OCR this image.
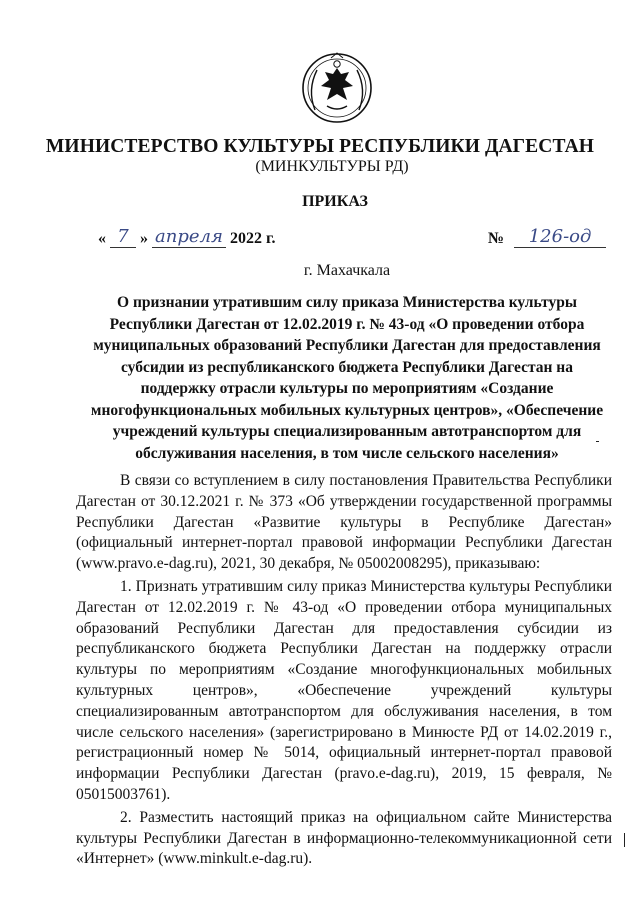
МИНИСТЕРСТВО КУЛЬТУРЫ РЕСПУБЛИКИ ДАГЕСТАН
(МИНКУЛЬТУРЫ РД)
ПРИКАЗ
« 7 » апреля 2022 г.	№ 126-од
г. Махачкала
О признании утратившим силу приказа Министерства культуры Республики Дагестан от 12.02.2019 г. № 43-од «О проведении отбора муниципальных образований Республики Дагестан для предоставления субсидии из республиканского бюджета Республики Дагестан на поддержку отрасли культуры по мероприятиям «Создание многофункциональных мобильных культурных центров», «Обеспечение учреждений культуры специализированным автотранспортом для обслуживания населения, в том числе сельского населения»

В связи со вступлением в силу постановления Правительства Республики Дагестан от 30.12.2021 г. № 373 «Об утверждении государственной программы Республики Дагестан «Развитие культуры в Республике Дагестан» (официальный интернет-портал правовой информации Республики Дагестан (www.pravo.e-dag.ru), 2021, 30 декабря, № 05002008295), приказываю:

1. Признать утратившим силу приказ Министерства культуры Республики Дагестан от 12.02.2019 г. № 43-од «О проведении отбора муниципальных образований Республики Дагестан для предоставления субсидии из республиканского бюджета Республики Дагестан на поддержку отрасли культуры по мероприятиям «Создание многофункциональных мобильных культурных центров», «Обеспечение учреждений культуры специализированным автотранспортом для обслуживания населения, в том числе сельского населения» (зарегистрировано в Минюсте РД от 14.02.2019 г., регистрационный номер № 5014, официальный интернет-портал правовой информации Республики Дагестан (pravo.e-dag.ru), 2019, 15 февраля, № 05015003761).

2. Разместить настоящий приказ на официальном сайте Министерства культуры Республики Дагестан в информационно-телекоммуникационной сети «Интернет» (www.minkult.e-dag.ru).
